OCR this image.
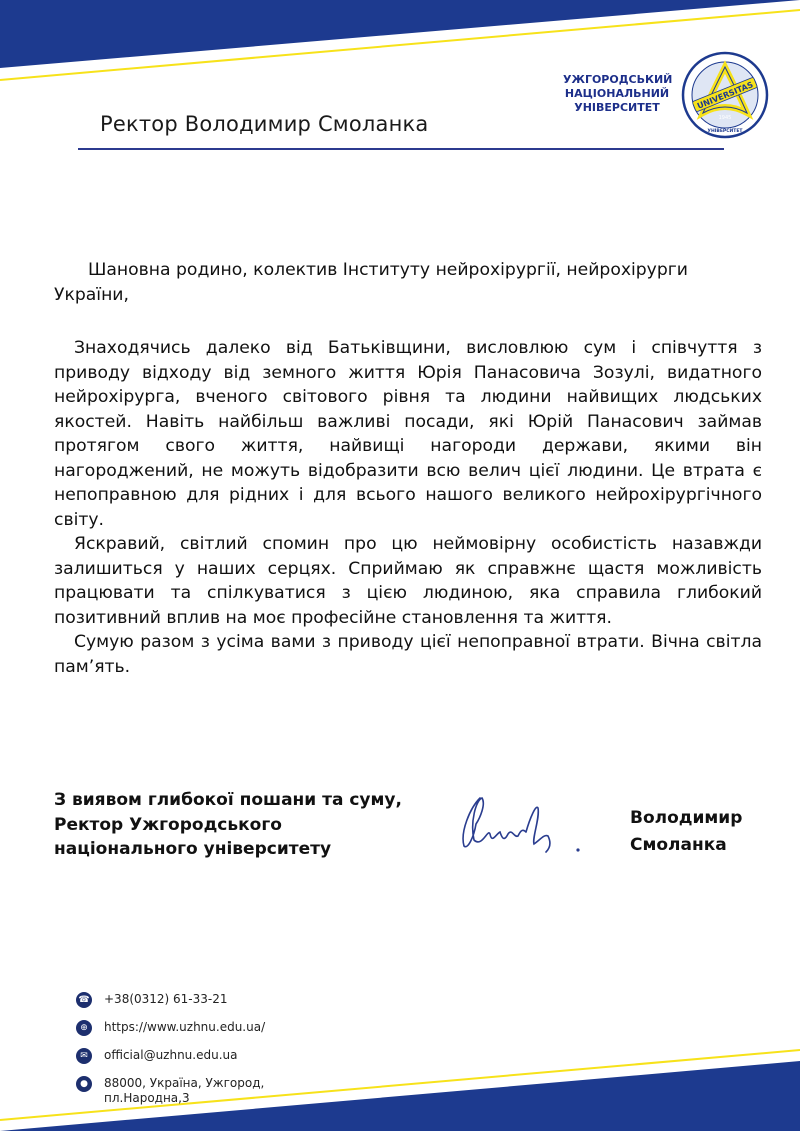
Ректор Володимир Смоланка
УЖГОРОДСЬКИЙ
НАЦІОНАЛЬНИЙ
УНІВЕРСИТЕТ	UNIVERSITAS
1945
УНІВЕРСИТЕТ

Шановна родино, колектив Інституту нейрохірургії, нейрохірурги України,

Знаходячись далеко від Батьківщини, висловлюю сум і співчуття з приводу відходу від земного життя Юрія Панасовича Зозулі, видатного нейрохірурга, вченого світового рівня та людини найвищих людських якостей. Навіть найбільш важливі посади, які Юрій Панасович займав протягом свого життя, найвищі нагороди держави, якими він нагороджений, не можуть відобразити всю велич цієї людини. Це втрата є непоправною для рідних і для всього нашого великого нейрохірургічного світу.

Яскравий, світлий спомин про цю неймовірну особистість назавжди залишиться у наших серцях. Сприймаю як справжнє щастя можливість працювати та спілкуватися з цією людиною, яка справила глибокий позитивний вплив на моє професійне становлення та життя.

Сумую разом з усіма вами з приводу цієї непоправної втрати. Вічна світла пам’ять.

З виявом глибокої пошани та суму,
Ректор Ужгородського
національного університету
Володимир
Смоланка
☎ +38(0312) 61-33-21
⊕	https://www.uzhnu.edu.ua/
✉	official@uzhnu.edu.ua
●	88000, Україна, Ужгород,
пл.Народна,3
